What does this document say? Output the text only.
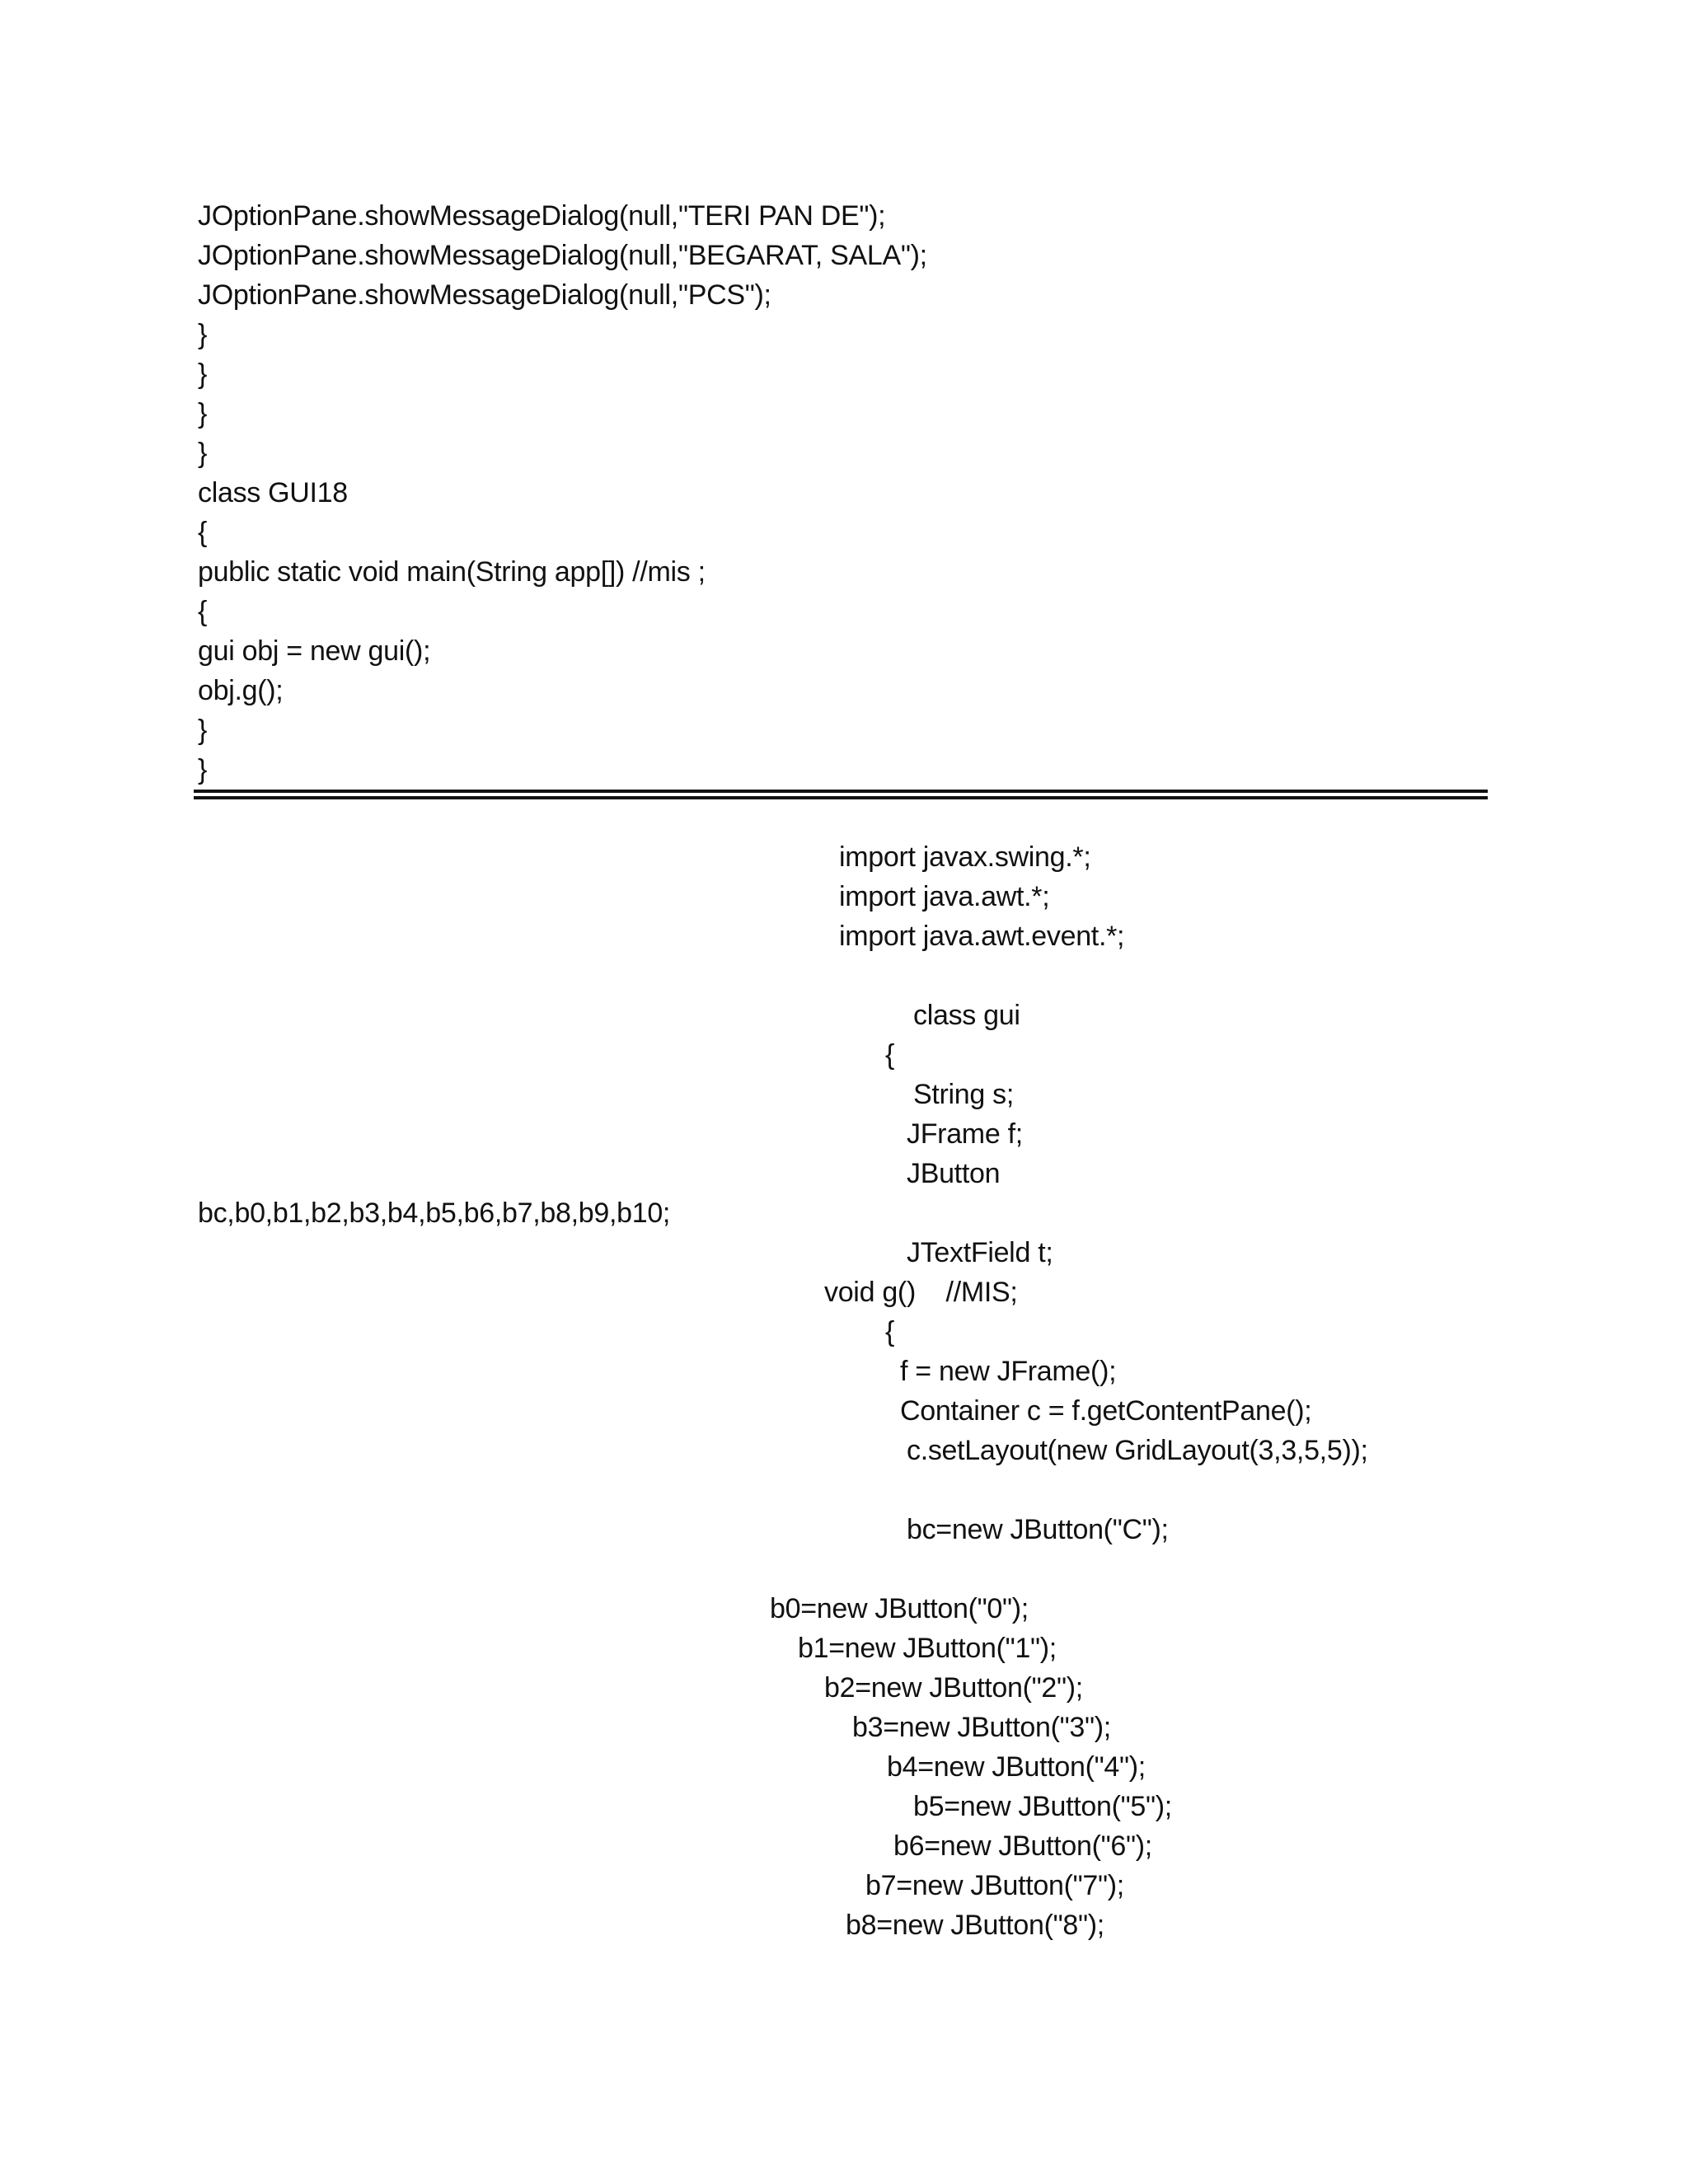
JOptionPane.showMessageDialog(null,"TERI PAN DE");
JOptionPane.showMessageDialog(null,"BEGARAT, SALA");
JOptionPane.showMessageDialog(null,"PCS");
}
}
}
}
class GUI18
{
public static void main(String app[]) //mis ;
{
gui obj = new gui();
obj.g();
}
}
import javax.swing.*;
import java.awt.*;
import java.awt.event.*;
class gui
{
String s;
JFrame f;
JButton
bc,b0,b1,b2,b3,b4,b5,b6,b7,b8,b9,b10;
JTextField t;
void g()    //MIS;
{
f = new JFrame();
Container c = f.getContentPane();
c.setLayout(new GridLayout(3,3,5,5));
bc=new JButton("C");
b0=new JButton("0");
b1=new JButton("1");
b2=new JButton("2");
b3=new JButton("3");
b4=new JButton("4");
b5=new JButton("5");
b6=new JButton("6");
b7=new JButton("7");
b8=new JButton("8");
